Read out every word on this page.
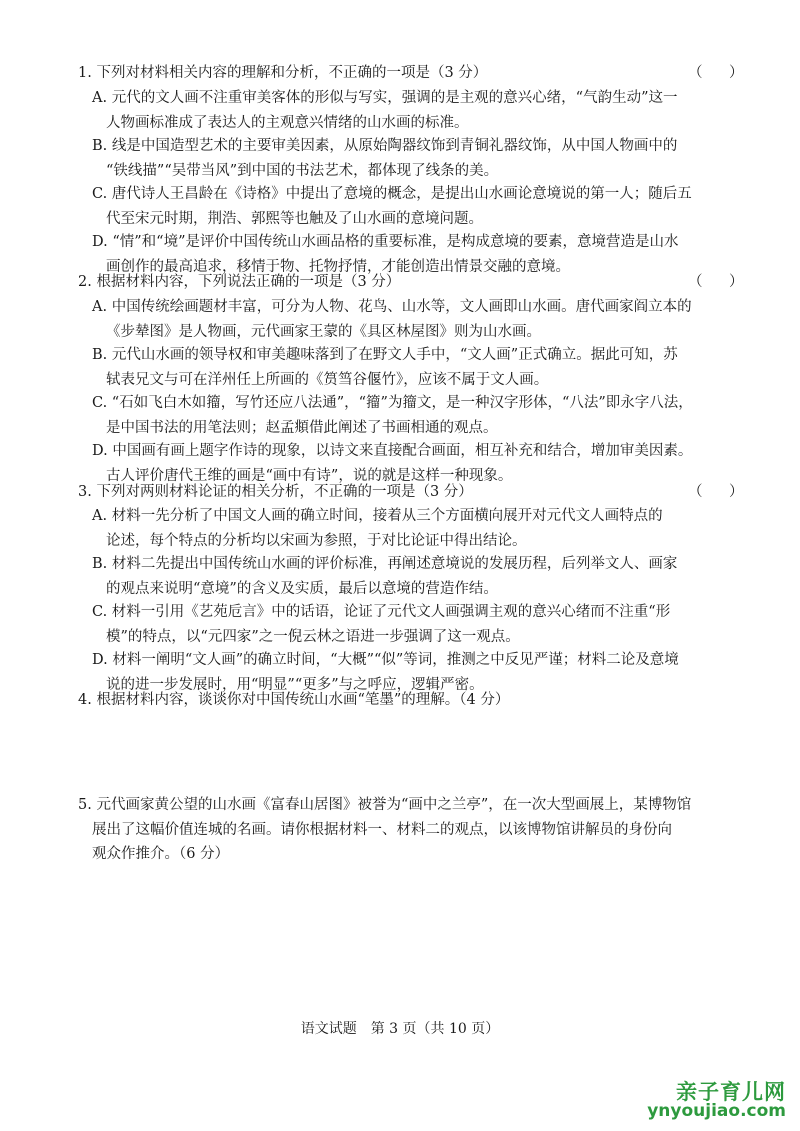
1. 下列对材料相关内容的理解和分析，不正确的一项是（3 分）	（　）
A. 元代的文人画不注重审美客体的形似与写实，强调的是主观的意兴心绪，“气韵生动”这一
人物画标准成了表达人的主观意兴情绪的山水画的标准。
B. 线是中国造型艺术的主要审美因素，从原始陶器纹饰到青铜礼器纹饰，从中国人物画中的
“铁线描”“吴带当风”到中国的书法艺术，都体现了线条的美。
C. 唐代诗人王昌龄在《诗格》中提出了意境的概念，是提出山水画论意境说的第一人；随后五
代至宋元时期，荆浩、郭熙等也触及了山水画的意境问题。
D. “情”和“境”是评价中国传统山水画品格的重要标准，是构成意境的要素，意境营造是山水
画创作的最高追求，移情于物、托物抒情，才能创造出情景交融的意境。
2. 根据材料内容，下列说法正确的一项是（3 分）	（　）
A. 中国传统绘画题材丰富，可分为人物、花鸟、山水等，文人画即山水画。唐代画家阎立本的
《步辇图》是人物画，元代画家王蒙的《具区林屋图》则为山水画。
B. 元代山水画的领导权和审美趣味落到了在野文人手中，“文人画”正式确立。据此可知，苏
轼表兄文与可在洋州任上所画的《筼筜谷偃竹》，应该不属于文人画。
C. “石如飞白木如籀，写竹还应八法通”，“籀”为籀文，是一种汉字形体，“八法”即永字八法，
是中国书法的用笔法则；赵孟頫借此阐述了书画相通的观点。
D. 中国画有画上题字作诗的现象，以诗文来直接配合画面，相互补充和结合，增加审美因素。
古人评价唐代王维的画是“画中有诗”，说的就是这样一种现象。
3. 下列对两则材料论证的相关分析，不正确的一项是（3 分）	（　）
A. 材料一先分析了中国文人画的确立时间，接着从三个方面横向展开对元代文人画特点的
论述，每个特点的分析均以宋画为参照，于对比论证中得出结论。
B. 材料二先提出中国传统山水画的评价标准，再阐述意境说的发展历程，后列举文人、画家
的观点来说明“意境”的含义及实质，最后以意境的营造作结。
C. 材料一引用《艺苑卮言》中的话语，论证了元代文人画强调主观的意兴心绪而不注重“形
模”的特点，以“元四家”之一倪云林之语进一步强调了这一观点。
D. 材料一阐明“文人画”的确立时间，“大概”“似”等词，推测之中反见严谨；材料二论及意境
说的进一步发展时，用“明显”“更多”与之呼应，逻辑严密。
4. 根据材料内容，谈谈你对中国传统山水画“笔墨”的理解。（4 分）
5. 元代画家黄公望的山水画《富春山居图》被誉为“画中之兰亭”，在一次大型画展上，某博物馆
展出了这幅价值连城的名画。请你根据材料一、材料二的观点，以该博物馆讲解员的身份向
观众作推介。（6 分）
语文试题　第 3 页（共 10 页）
亲子育儿网
ynyoujiao.com
